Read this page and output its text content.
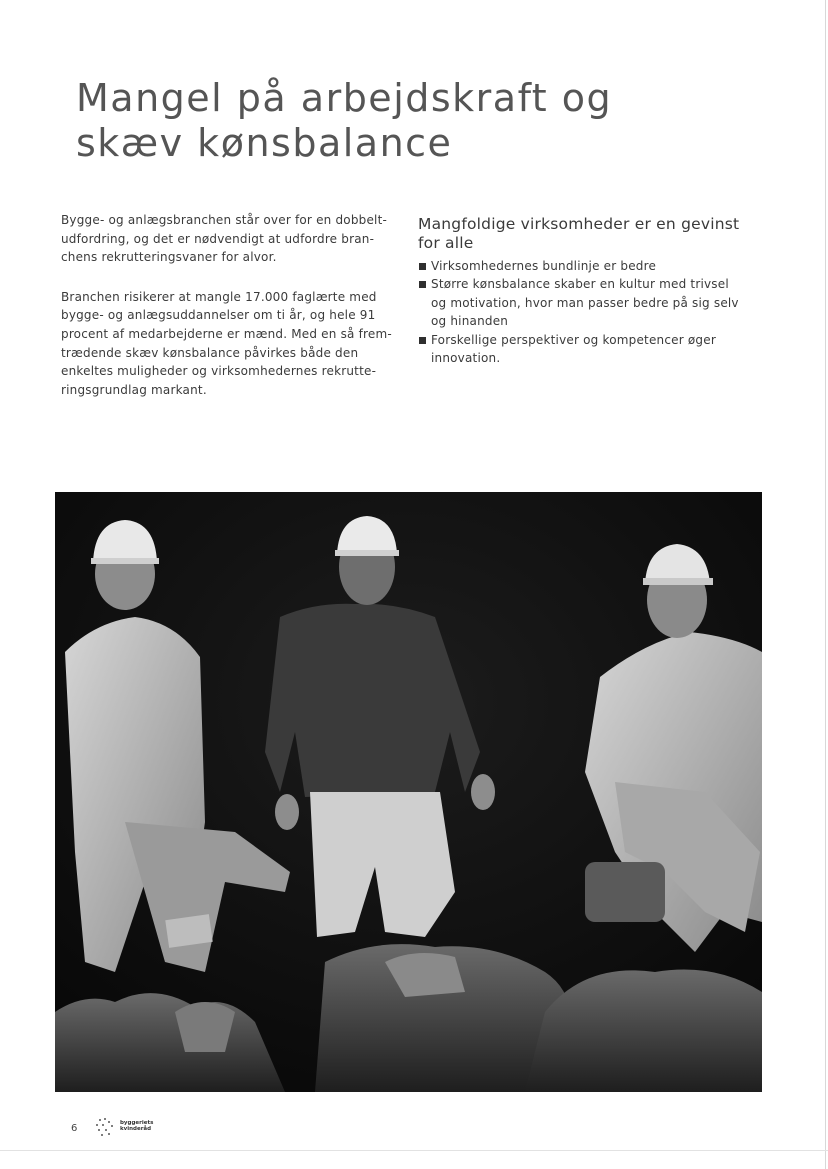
Mangel på arbejdskraft og skæv kønsbalance

Bygge- og anlægsbranchen står over for en dobbelt-udfordring, og det er nødvendigt at udfordre bran-chens rekrutteringsvaner for alvor.

Branchen risikerer at mangle 17.000 faglærte med bygge- og anlægsuddannelser om ti år, og hele 91 procent af medarbejderne er mænd. Med en så frem-trædende skæv kønsbalance påvirkes både den enkeltes muligheder og virksomhedernes rekrutte-ringsgrundlag markant.

Mangfoldige virksomheder er en gevinst for alle
Virksomhedernes bundlinje er bedre
Større kønsbalance skaber en kultur med trivsel og motivation, hvor man passer bedre på sig selv og hinanden
Forskellige perspektiver og kompetencer øger innovation.
6	byggeriets
kvinderåd
